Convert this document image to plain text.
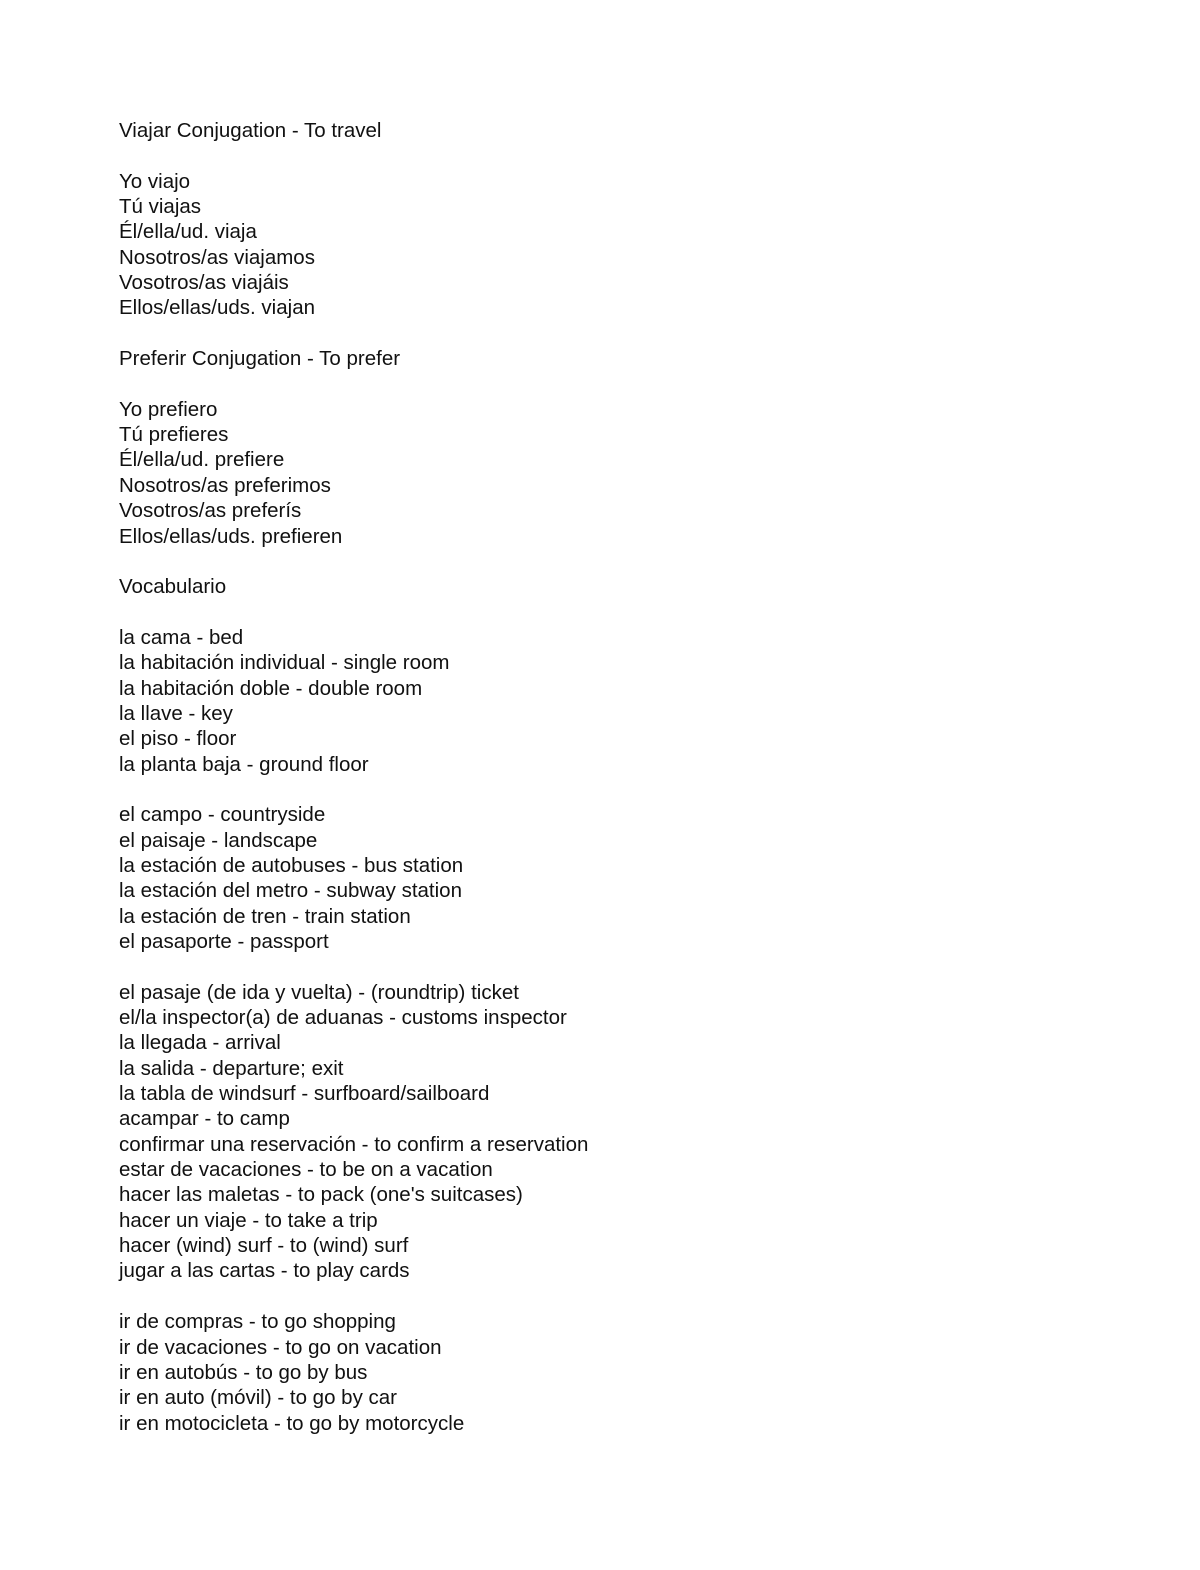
Viajar Conjugation - To travel
Yo viajo
Tú viajas
Él/ella/ud. viaja
Nosotros/as viajamos
Vosotros/as viajáis
Ellos/ellas/uds. viajan
Preferir Conjugation - To prefer
Yo prefiero
Tú prefieres
Él/ella/ud. prefiere
Nosotros/as preferimos
Vosotros/as preferís
Ellos/ellas/uds. prefieren
Vocabulario
la cama - bed
la habitación individual - single room
la habitación doble - double room
la llave - key
el piso - floor
la planta baja - ground floor
el campo - countryside
el paisaje - landscape
la estación de autobuses - bus station
la estación del metro - subway station
la estación de tren - train station
el pasaporte - passport
el pasaje (de ida y vuelta) - (roundtrip) ticket
el/la inspector(a) de aduanas - customs inspector
la llegada - arrival
la salida - departure; exit
la tabla de windsurf - surfboard/sailboard
acampar - to camp
confirmar una reservación - to confirm a reservation
estar de vacaciones - to be on a vacation
hacer las maletas - to pack (one's suitcases)
hacer un viaje - to take a trip
hacer (wind) surf - to (wind) surf
jugar a las cartas - to play cards
ir de compras - to go shopping
ir de vacaciones - to go on vacation
ir en autobús - to go by bus
ir en auto (móvil) - to go by car
ir en motocicleta - to go by motorcycle
